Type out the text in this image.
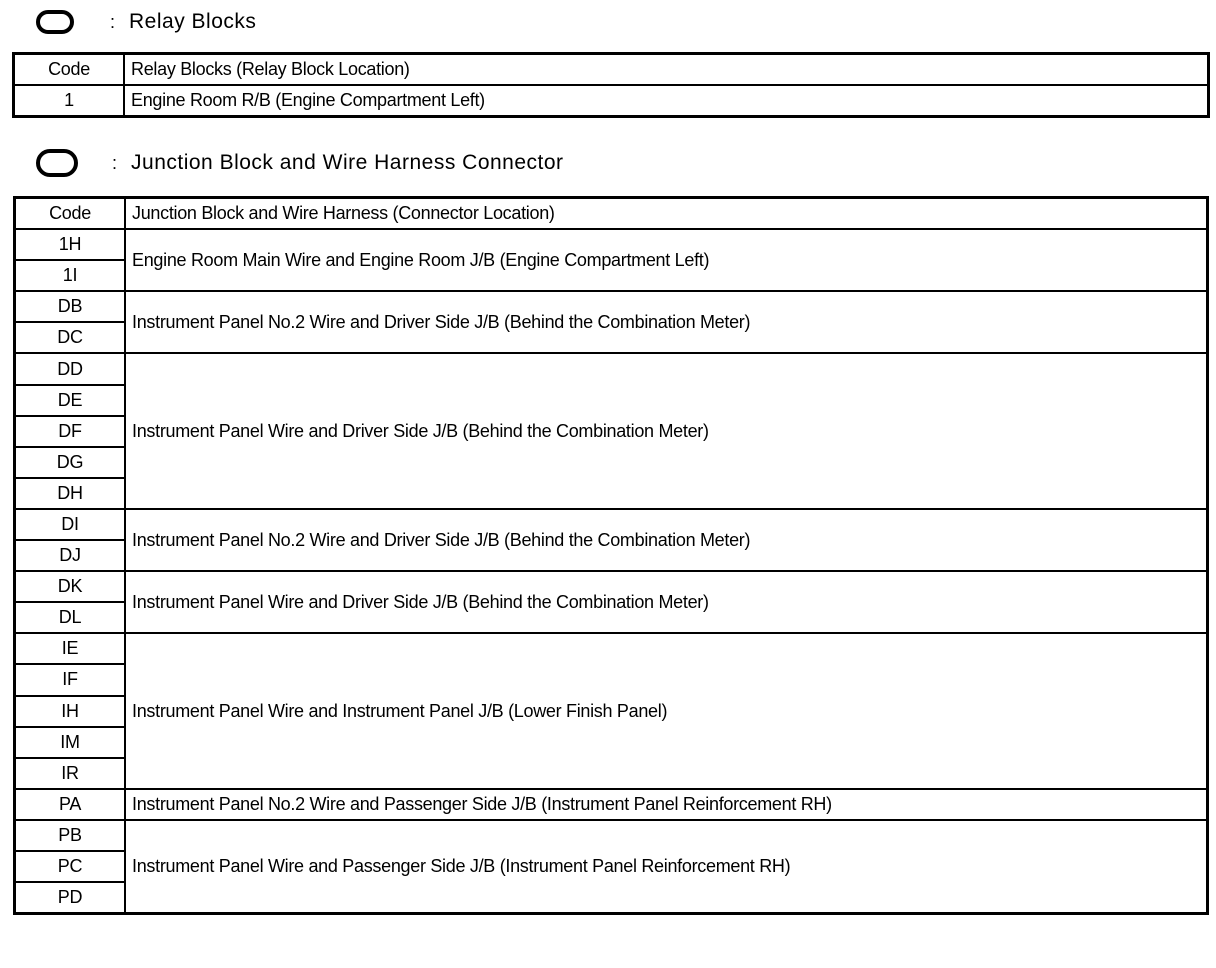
: Relay Blocks
Code	Relay Blocks (Relay Block Location)
1	Engine Room R/B (Engine Compartment Left)
: Junction Block and Wire Harness Connector
Code	Junction Block and Wire Harness (Connector Location)
1H	Engine Room Main Wire and Engine Room J/B (Engine Compartment Left)
1I	
DB	Instrument Panel No.2 Wire and Driver Side J/B (Behind the Combination Meter)
DC	
DD	Instrument Panel Wire and Driver Side J/B (Behind the Combination Meter)
DE	
DF	
DG	
DH	
DI	Instrument Panel No.2 Wire and Driver Side J/B (Behind the Combination Meter)
DJ	
DK	Instrument Panel Wire and Driver Side J/B (Behind the Combination Meter)
DL	
IE	Instrument Panel Wire and Instrument Panel J/B (Lower Finish Panel)
IF	
IH	
IM	
IR	
PA	Instrument Panel No.2 Wire and Passenger Side J/B (Instrument Panel Reinforcement RH)
PB	Instrument Panel Wire and Passenger Side J/B (Instrument Panel Reinforcement RH)
PC	
PD	
